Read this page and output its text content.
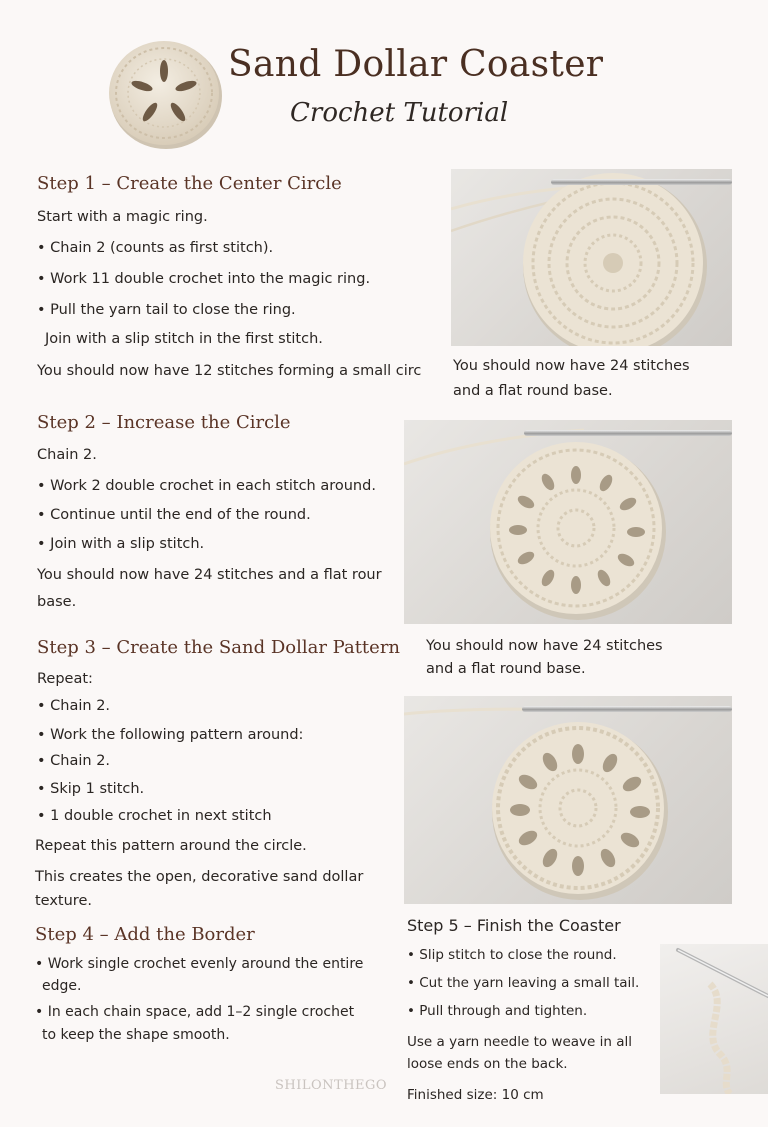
Sand Dollar Coaster
Crochet Tutorial
Step 1 – Create the Center Circle
Start with a magic ring.
• Chain 2 (counts as first stitch).
• Work 11 double crochet into the magic ring.
• Pull the yarn tail to close the ring.
Join with a slip stitch in the first stitch.
You should now have 12 stitches forming a small circ	You should now have 24 stitches
and a flat round base.
Step 2 – Increase the Circle
Chain 2.
• Work 2 double crochet in each stitch around.
• Continue until the end of the round.
• Join with a slip stitch.
You should now have 24 stitches and a flat rour
base.
You should now have 24 stitches
and a flat round base.
Step 3 – Create the Sand Dollar Pattern
Repeat:
• Chain 2.
• Work the following pattern around:
• Chain 2.
• Skip 1 stitch.
• 1 double crochet in next stitch
Repeat this pattern around the circle.
This creates the open, decorative sand dollar
texture.
Step 4 – Add the Border
• Work single crochet evenly around the entire
edge.
• In each chain space, add 1–2 single crochet
to keep the shape smooth.
Step 5 – Finish the Coaster
• Slip stitch to close the round.
• Cut the yarn leaving a small tail.
• Pull through and tighten.
Use a yarn needle to weave in all
loose ends on the back.
Finished size: 10 cm
SHILONTHEGO
